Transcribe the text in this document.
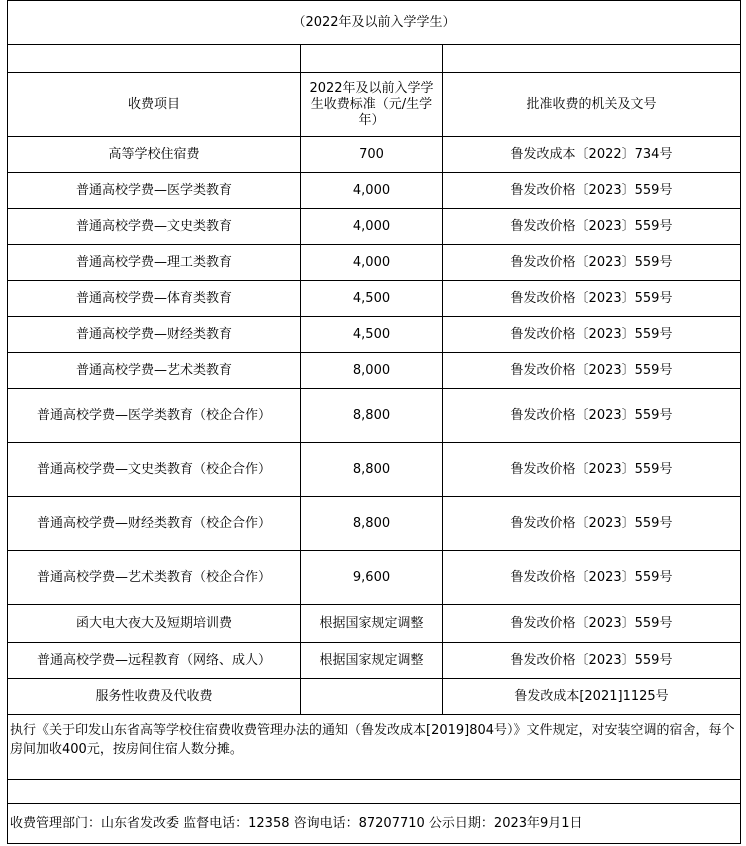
（2022年及以前入学学生）		

收费项目	2022年及以前入学学生收费标准（元/生学年）	批准收费的机关及文号
高等学校住宿费	700	鲁发改成本〔2022〕734号
普通高校学费—医学类教育	4,000	鲁发改价格〔2023〕559号
普通高校学费—文史类教育	4,000	鲁发改价格〔2023〕559号
普通高校学费—理工类教育	4,000	鲁发改价格〔2023〕559号
普通高校学费—体育类教育	4,500	鲁发改价格〔2023〕559号
普通高校学费—财经类教育	4,500	鲁发改价格〔2023〕559号
普通高校学费—艺术类教育	8,000	鲁发改价格〔2023〕559号
普通高校学费—医学类教育（校企合作）	8,800	鲁发改价格〔2023〕559号
普通高校学费—文史类教育（校企合作）	8,800	鲁发改价格〔2023〕559号
普通高校学费—财经类教育（校企合作）	8,800	鲁发改价格〔2023〕559号
普通高校学费—艺术类教育（校企合作）	9,600	鲁发改价格〔2023〕559号
函大电大夜大及短期培训费	根据国家规定调整	鲁发改价格〔2023〕559号
普通高校学费—远程教育（网络、成人）	根据国家规定调整	鲁发改价格〔2023〕559号
服务性收费及代收费		鲁发改成本[2021]1125号
执行《关于印发山东省高等学校住宿费收费管理办法的通知（鲁发改成本[2019]804号）》文件规定，对安装空调的宿舍，每个房间加收400元，按房间住宿人数分摊。		

收费管理部门：山东省发改委 监督电话：12358 咨询电话：87207710 公示日期：2023年9月1日		
